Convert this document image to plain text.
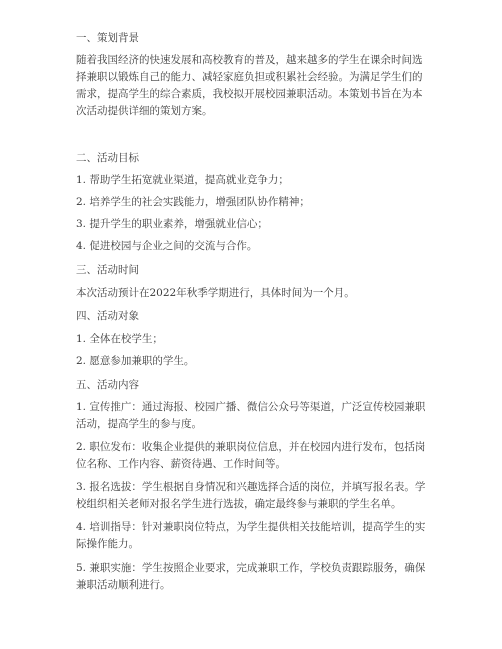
一、策划背景
随着我国经济的快速发展和高校教育的普及，越来越多的学生在课余时间选择兼职以锻炼自己的能力、减轻家庭负担或积累社会经验。为满足学生们的需求，提高学生的综合素质，我校拟开展校园兼职活动。本策划书旨在为本次活动提供详细的策划方案。
二、活动目标
1. 帮助学生拓宽就业渠道，提高就业竞争力；
2. 培养学生的社会实践能力，增强团队协作精神；
3. 提升学生的职业素养，增强就业信心；
4. 促进校园与企业之间的交流与合作。
三、活动时间
本次活动预计在2022年秋季学期进行，具体时间为一个月。
四、活动对象
1. 全体在校学生；
2. 愿意参加兼职的学生。
五、活动内容
1. 宣传推广：通过海报、校园广播、微信公众号等渠道，广泛宣传校园兼职活动，提高学生的参与度。
2. 职位发布：收集企业提供的兼职岗位信息，并在校园内进行发布，包括岗位名称、工作内容、薪资待遇、工作时间等。
3. 报名选拔：学生根据自身情况和兴趣选择合适的岗位，并填写报名表。学校组织相关老师对报名学生进行选拔，确定最终参与兼职的学生名单。
4. 培训指导：针对兼职岗位特点，为学生提供相关技能培训，提高学生的实际操作能力。
5. 兼职实施：学生按照企业要求，完成兼职工作，学校负责跟踪服务，确保兼职活动顺利进行。
